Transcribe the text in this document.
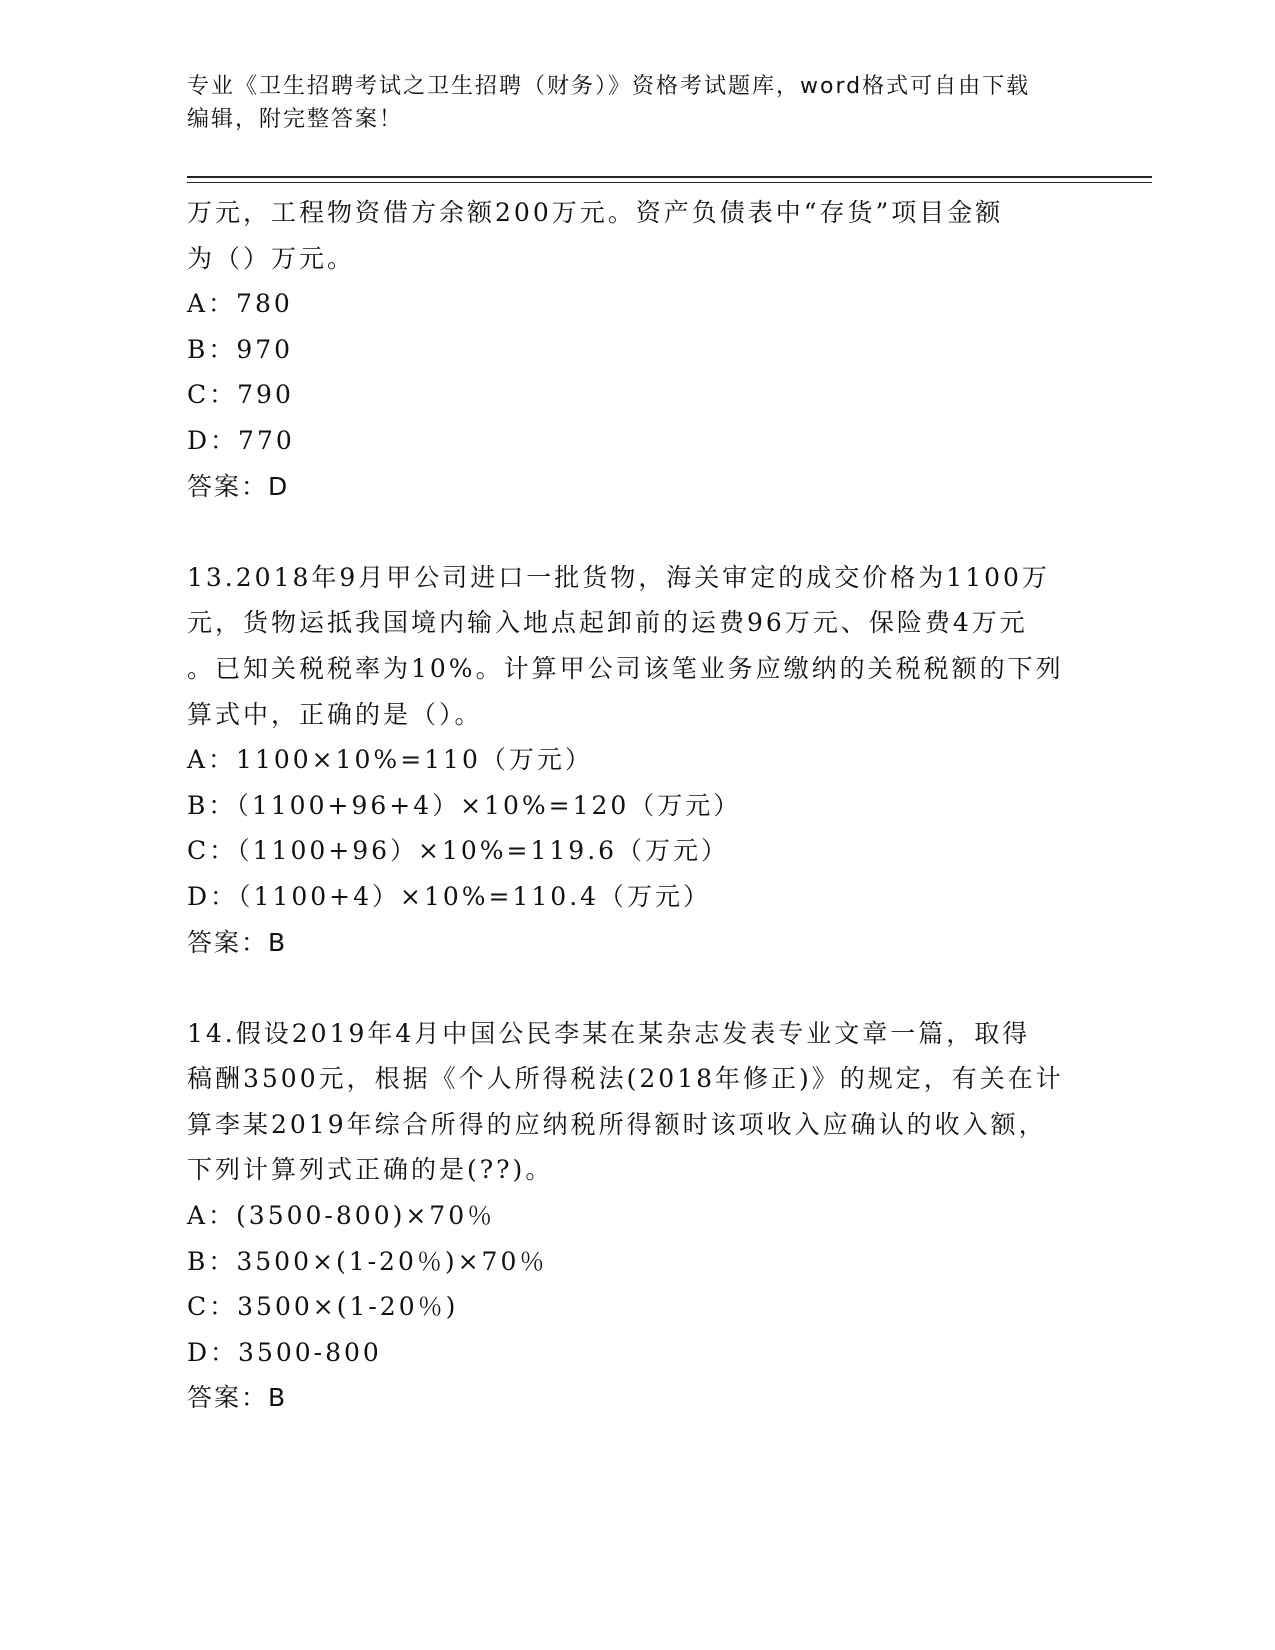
专业《卫生招聘考试之卫生招聘（财务）》资格考试题库，word格式可自由下载
编辑，附完整答案！
万元，工程物资借方余额200万元。资产负债表中“存货”项目金额
为（）万元。
A：780
B：970
C：790
D：770
答案：D
13.2018年9月甲公司进口一批货物，海关审定的成交价格为1100万
元，货物运抵我国境内输入地点起卸前的运费96万元、保险费4万元
。已知关税税率为10%。计算甲公司该笔业务应缴纳的关税税额的下列
算式中，正确的是（）。
A：1100×10%=110（万元）
B：（1100+96+4）×10%=120（万元）
C：（1100+96）×10%=119.6（万元）
D：（1100+4）×10%=110.4（万元）
答案：B
14.假设2019年4月中国公民李某在某杂志发表专业文章一篇，取得
稿酬3500元，根据《个人所得税法(2018年修正)》的规定，有关在计
算李某2019年综合所得的应纳税所得额时该项收入应确认的收入额，
下列计算列式正确的是(??)。
A：(3500-800)×70％
B：3500×(1-20％)×70％
C：3500×(1-20％)
D：3500-800
答案：B
